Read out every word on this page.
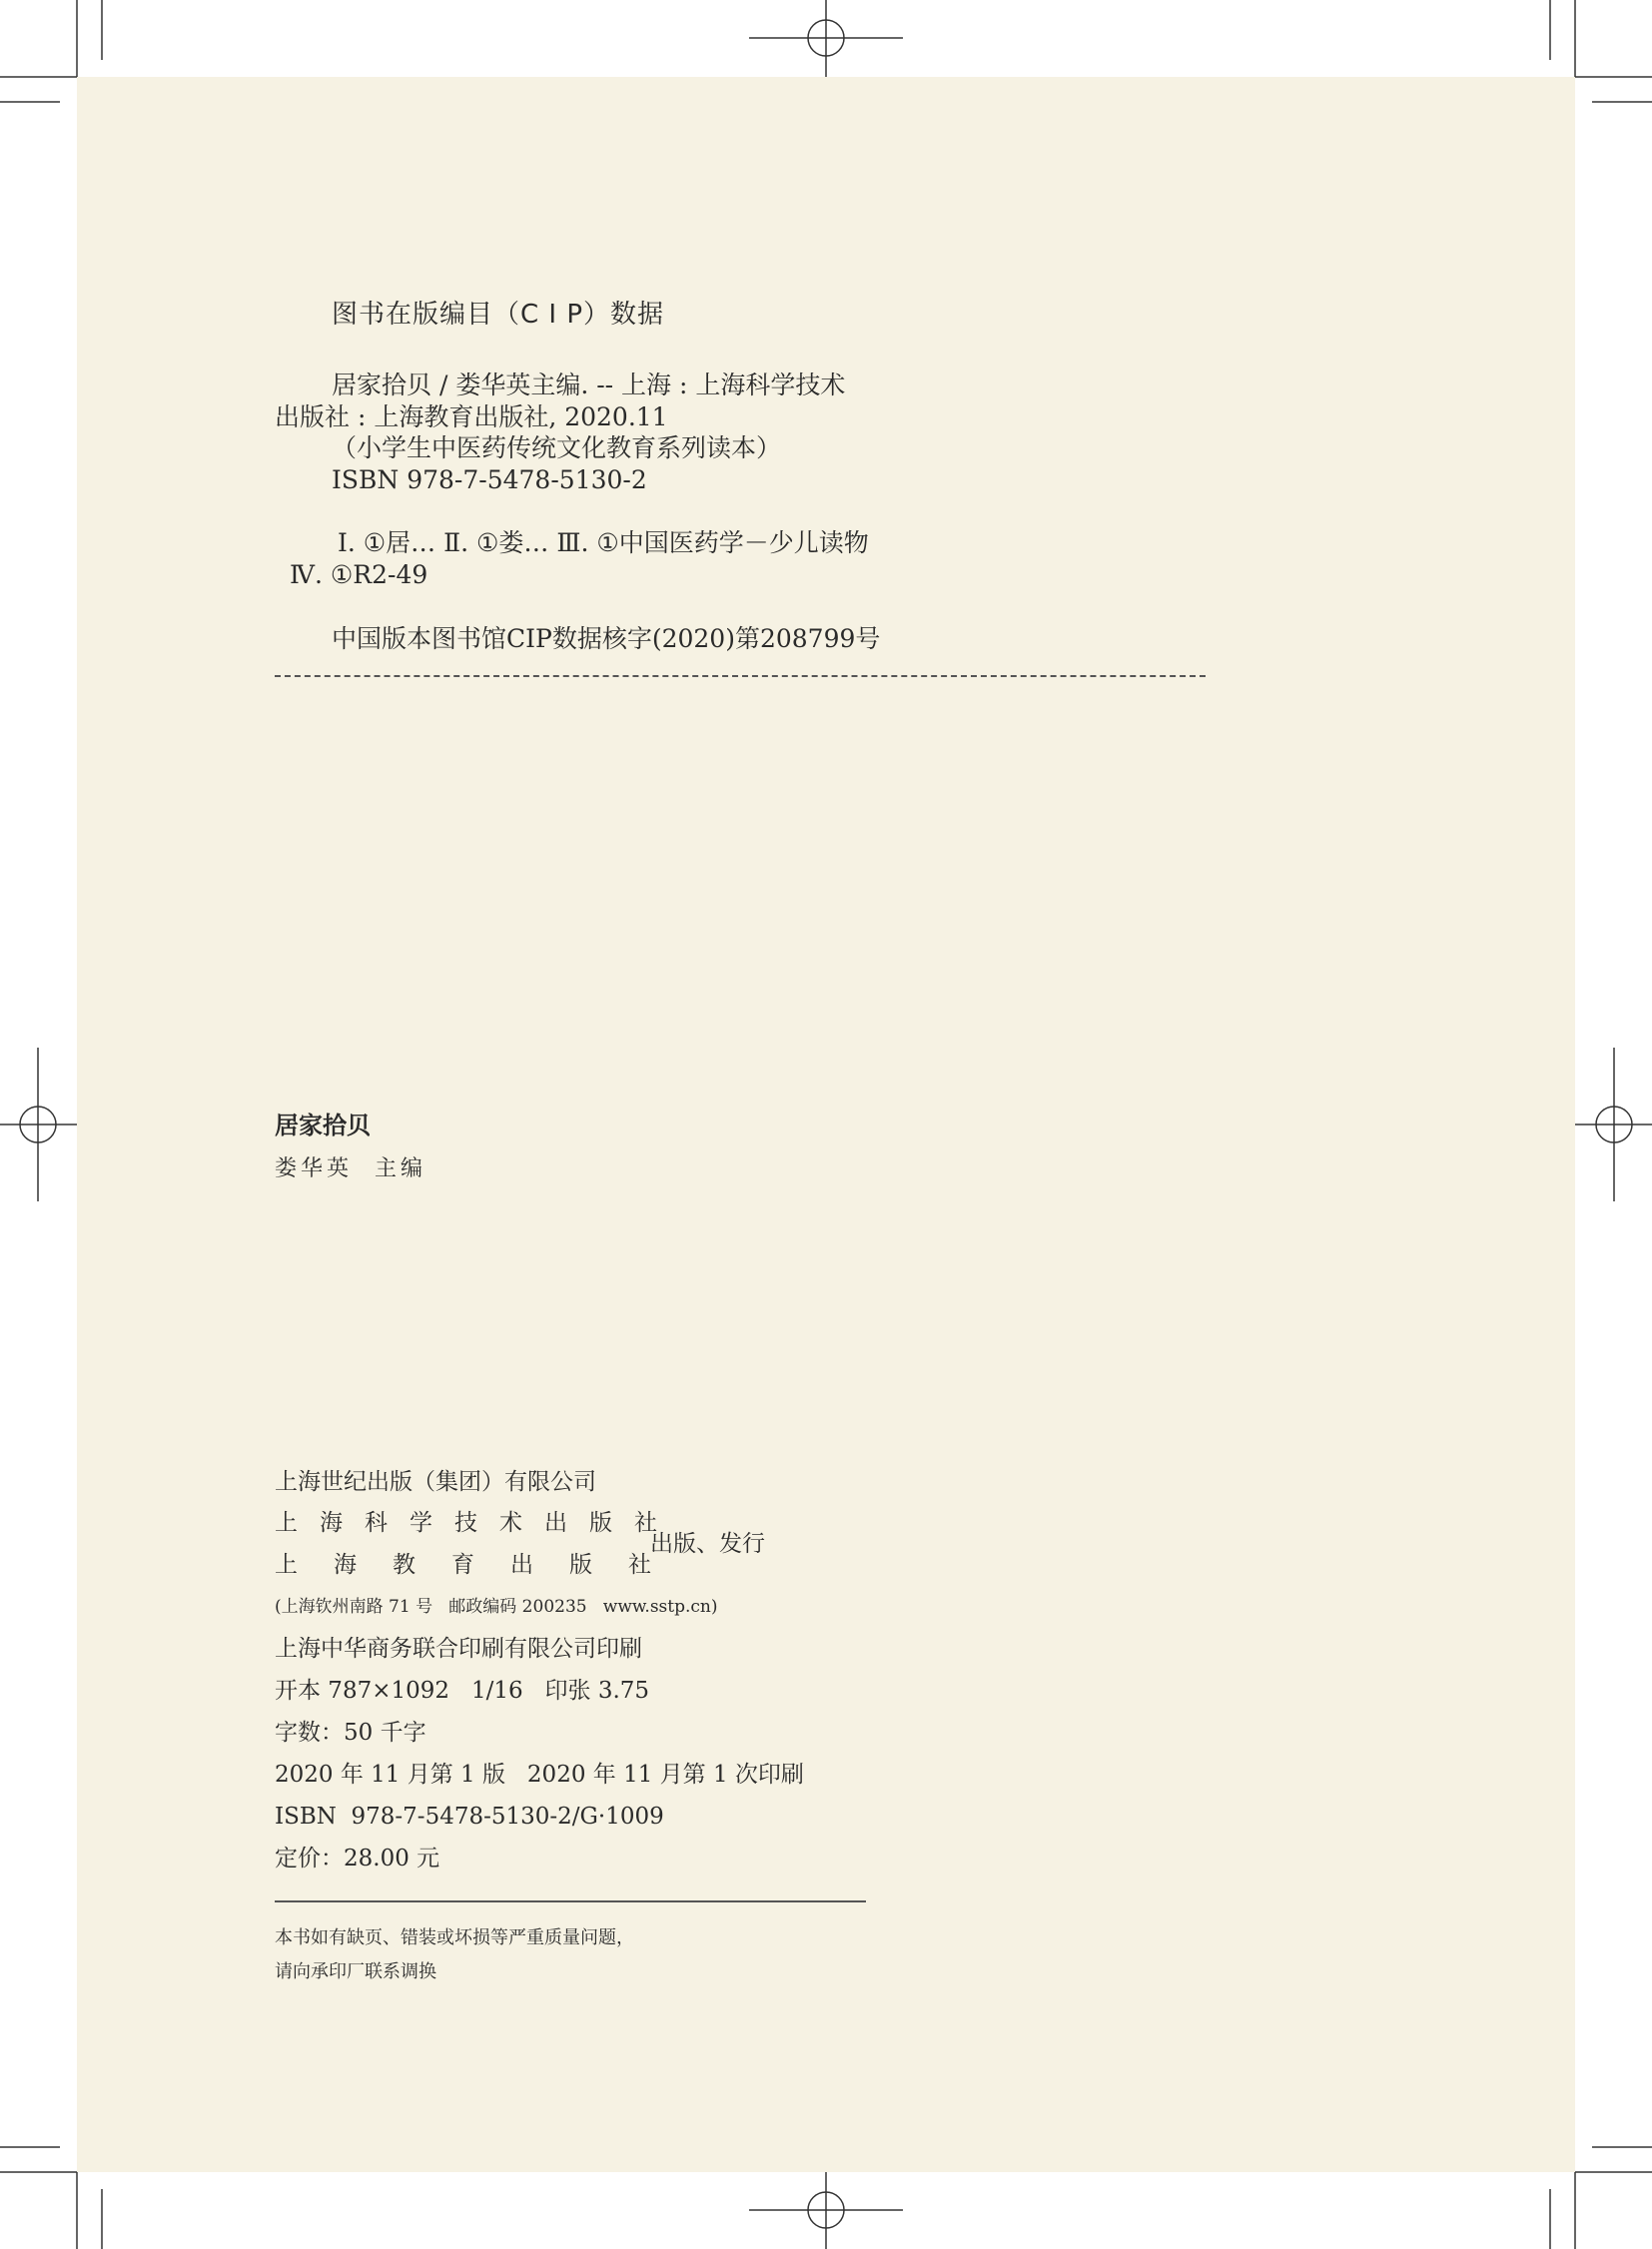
图书在版编目（C I P）数据
居家拾贝 / 娄华英主编. -- 上海 : 上海科学技术
出版社 : 上海教育出版社, 2020.11
（小学生中医药传统文化教育系列读本）
ISBN 978-7-5478-5130-2
Ⅰ. ①居… Ⅱ. ①娄… Ⅲ. ①中国医药学－少儿读物
Ⅳ. ①R2-49
中国版本图书馆CIP数据核字(2020)第208799号
居家拾贝
娄华英  主编
上海世纪出版（集团）有限公司
上海科学技术出版社
上海教育出版社
出版、发行
(上海钦州南路 71 号   邮政编码 200235   www.sstp.cn)
上海中华商务联合印刷有限公司印刷
开本 787×1092   1/16   印张 3.75
字数：50 千字
2020 年 11 月第 1 版   2020 年 11 月第 1 次印刷
ISBN  978-7-5478-5130-2/G·1009
定价：28.00 元
本书如有缺页、错装或坏损等严重质量问题，
请向承印厂联系调换
